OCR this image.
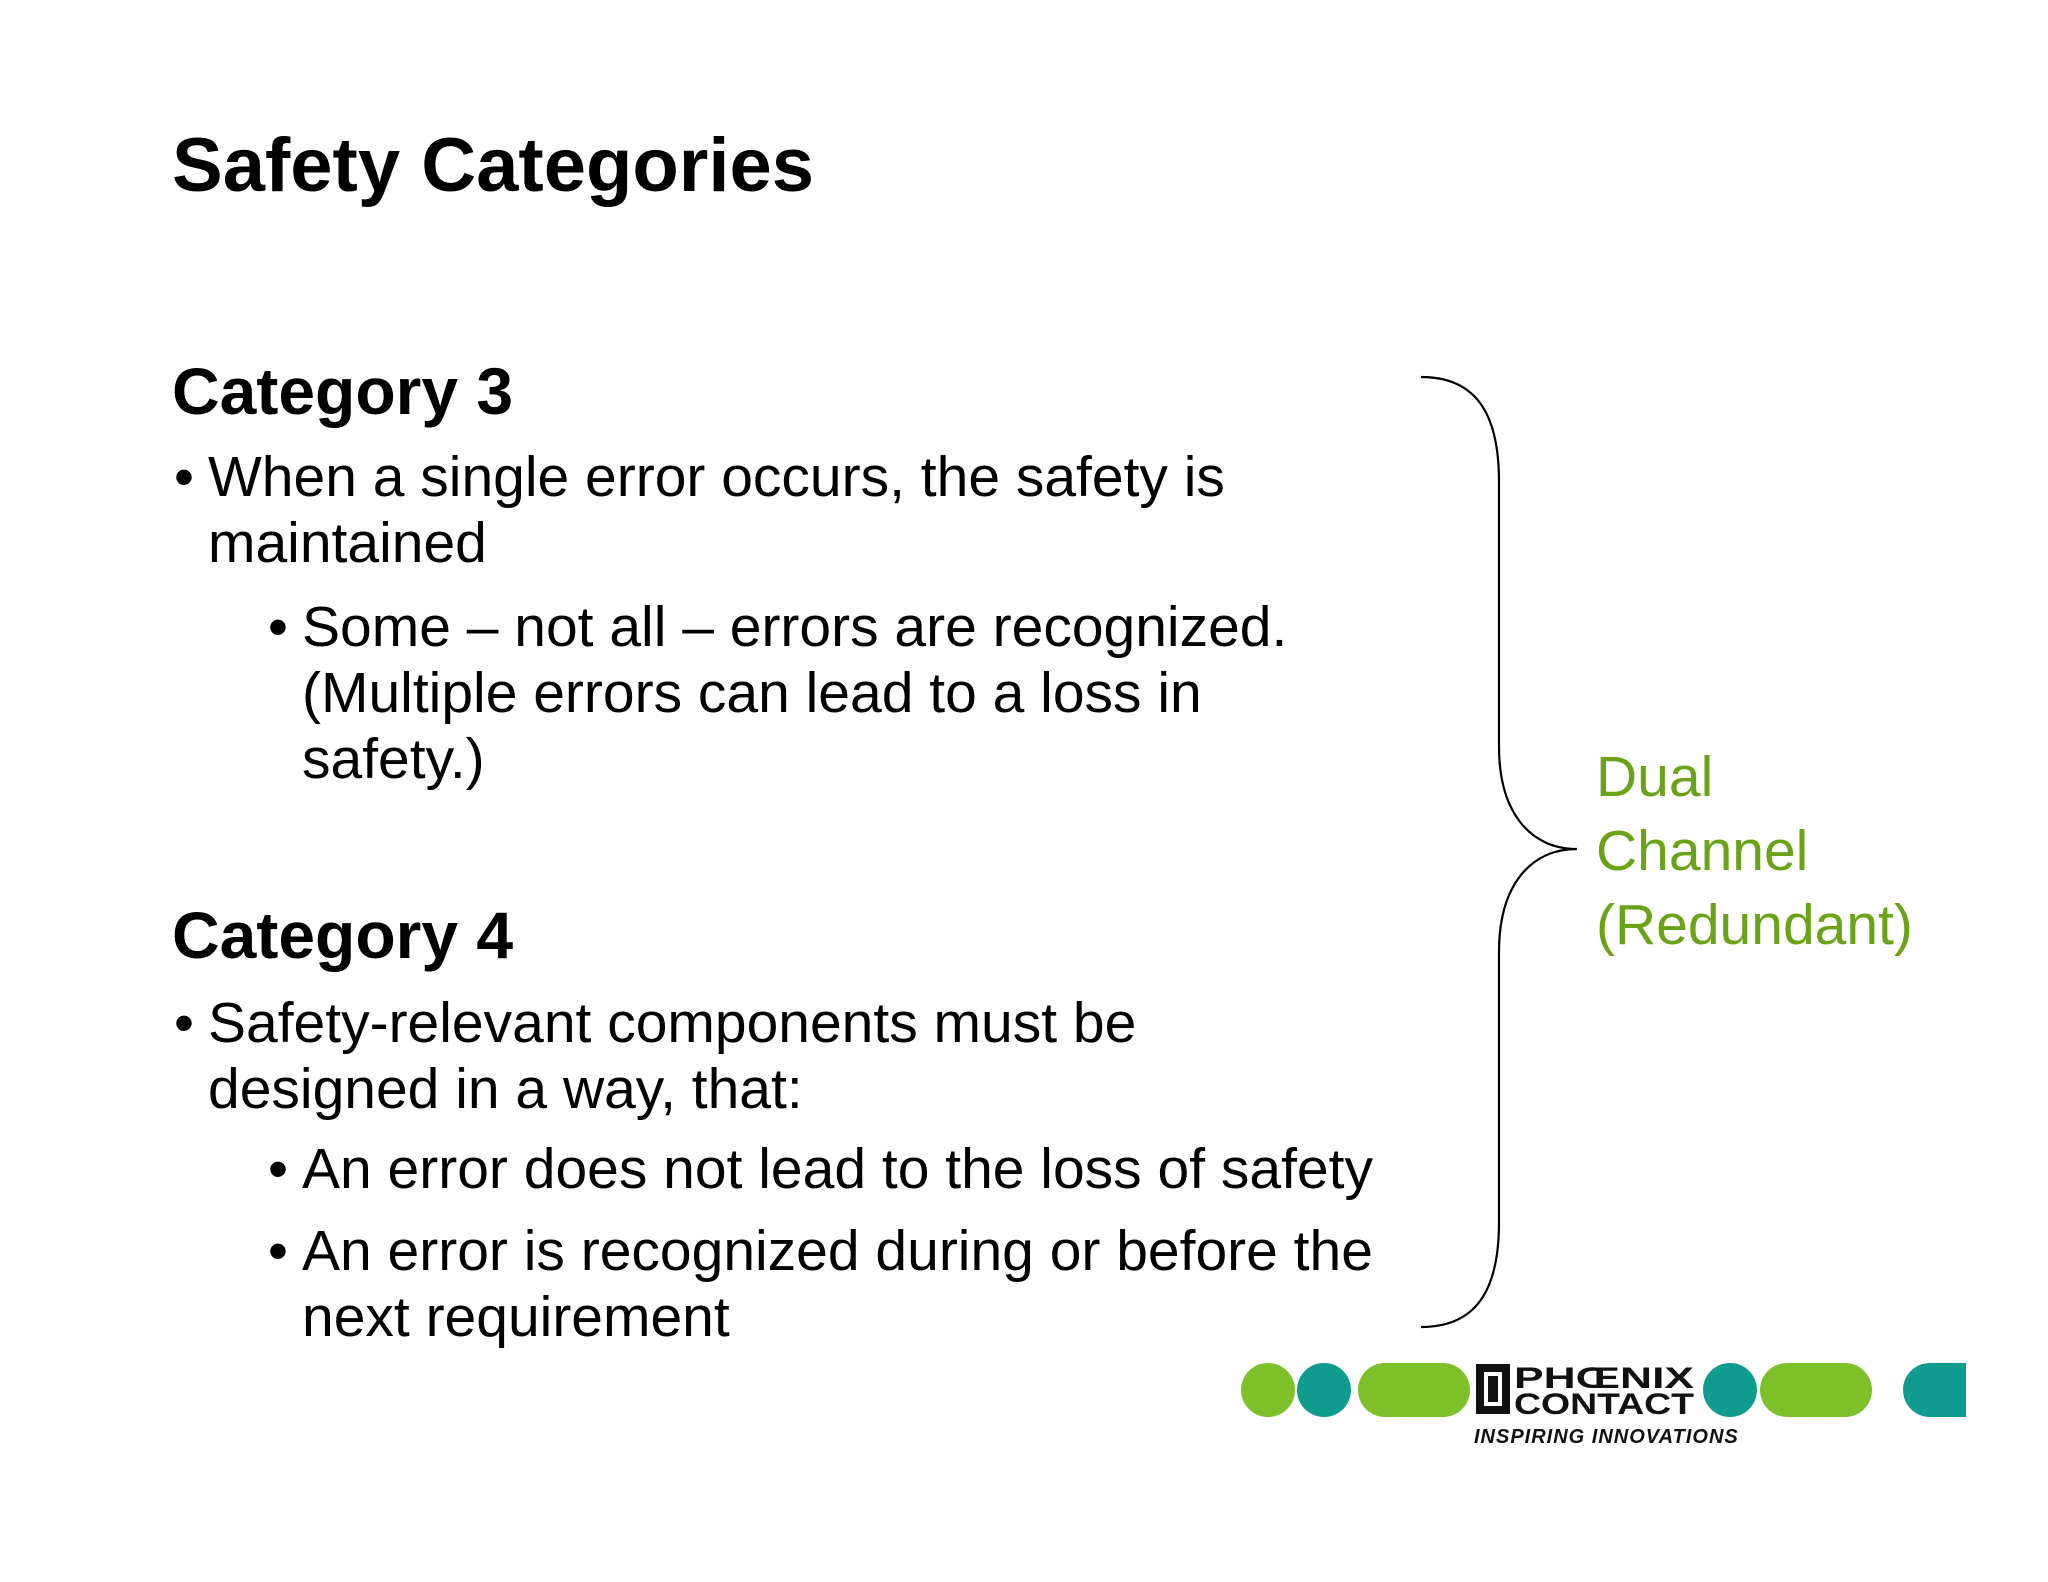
Safety Categories
Category 3

• When a single error occurs, the safety is
maintained

• Some – not all – errors are recognized.
(Multiple errors can lead to a loss in
safety.)

Category 4

• Safety-relevant components must be
designed in a way, that:

• An error does not lead to the loss of safety

• An error is recognized during or before the
next requirement

Dual
Channel
(Redundant)

PHŒNIX
CONTACT

INSPIRING INNOVATIONS
